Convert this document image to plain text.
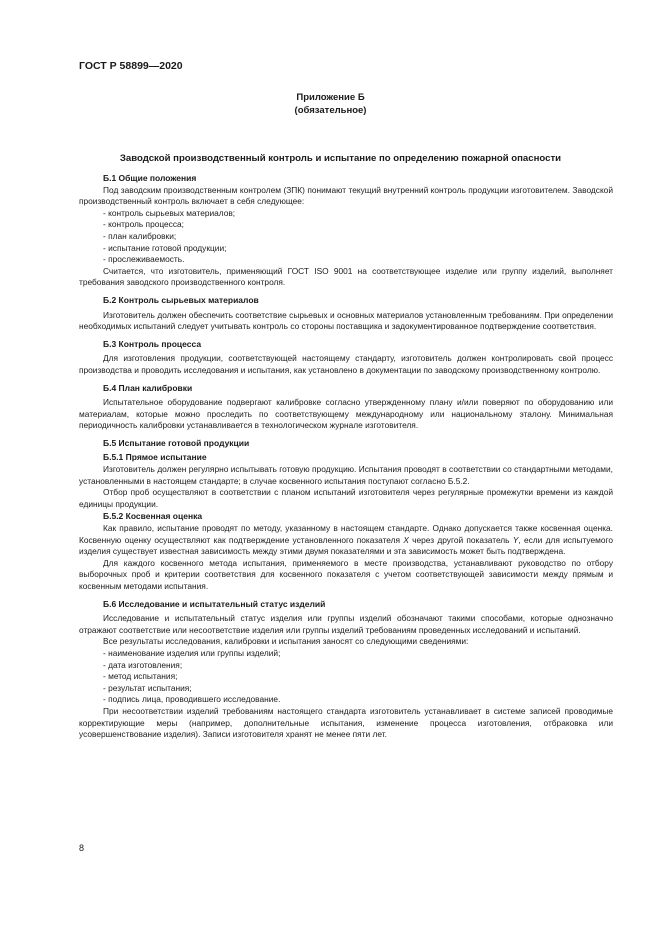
ГОСТ Р 58899—2020
Приложение Б
(обязательное)
Заводской производственный контроль и испытание по определению пожарной опасности
Б.1 Общие положения

Под заводским производственным контролем (ЗПК) понимают текущий внутренний контроль продукции изготовителем. Заводской производственный контроль включает в себя следующее:

- контроль сырьевых материалов;
- контроль процесса;
- план калибровки;
- испытание готовой продукции;
- прослеживаемость.

Считается, что изготовитель, применяющий ГОСТ ISO 9001 на соответствующее изделие или группу изделий, выполняет требования заводского производственного контроля.

Б.2 Контроль сырьевых материалов

Изготовитель должен обеспечить соответствие сырьевых и основных материалов установленным требованиям. При определении необходимых испытаний следует учитывать контроль со стороны поставщика и задокументированное подтверждение соответствия.

Б.3 Контроль процесса

Для изготовления продукции, соответствующей настоящему стандарту, изготовитель должен контролировать свой процесс производства и проводить исследования и испытания, как установлено в документации по заводскому производственному контролю.

Б.4 План калибровки

Испытательное оборудование подвергают калибровке согласно утвержденному плану и/или поверяют по оборудованию или материалам, которые можно проследить по соответствующему международному или национальному эталону. Минимальная периодичность калибровки устанавливается в технологическом журнале изготовителя.

Б.5 Испытание готовой продукции
Б.5.1 Прямое испытание

Изготовитель должен регулярно испытывать готовую продукцию. Испытания проводят в соответствии со стандартными методами, установленными в настоящем стандарте; в случае косвенного испытания поступают согласно Б.5.2.

Отбор проб осуществляют в соответствии с планом испытаний изготовителя через регулярные промежутки времени из каждой единицы продукции.

Б.5.2 Косвенная оценка

Как правило, испытание проводят по методу, указанному в настоящем стандарте. Однако допускается также косвенная оценка. Косвенную оценку осуществляют как подтверждение установленного показателя X через другой показатель Y, если для испытуемого изделия существует известная зависимость между этими двумя показателями и эта зависимость может быть подтверждена.

Для каждого косвенного метода испытания, применяемого в месте производства, устанавливают руководство по отбору выборочных проб и критерии соответствия для косвенного показателя с учетом соответствующей зависимости между прямым и косвенным методами испытания.

Б.6 Исследование и испытательный статус изделий

Исследование и испытательный статус изделия или группы изделий обозначают такими способами, которые однозначно отражают соответствие или несоответствие изделия или группы изделий требованиям проведенных исследований и испытаний.

Все результаты исследования, калибровки и испытания заносят со следующими сведениями:

- наименование изделия или группы изделий;
- дата изготовления;
- метод испытания;
- результат испытания;
- подпись лица, проводившего исследование.

При несоответствии изделий требованиям настоящего стандарта изготовитель устанавливает в системе записей проводимые корректирующие меры (например, дополнительные испытания, изменение процесса изготовления, отбраковка или усовершенствование изделия). Записи изготовителя хранят не менее пяти лет.

8
